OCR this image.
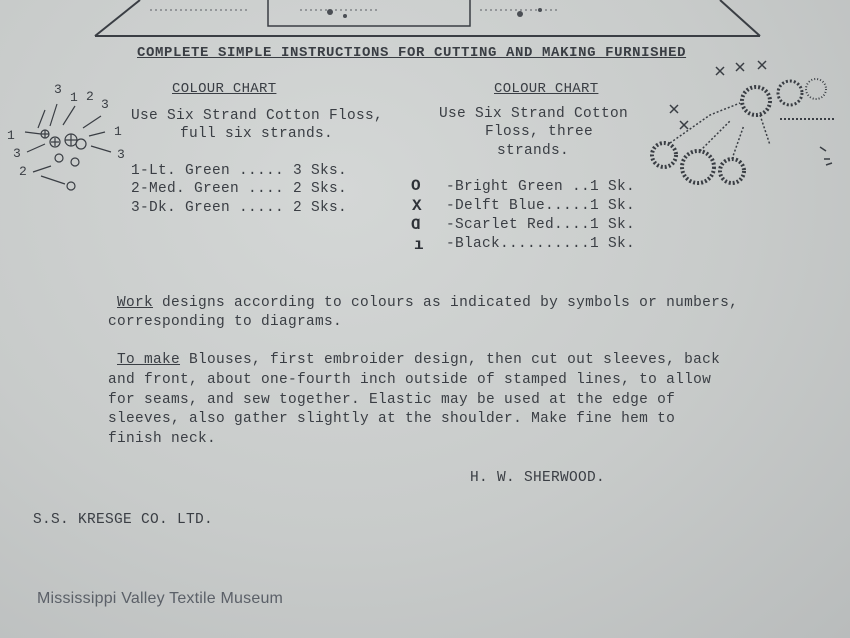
COMPLETE SIMPLE INSTRUCTIONS FOR CUTTING AND MAKING FURNISHED
COLOUR CHART
Use Six Strand Cotton Floss,
full six strands.
1-Lt. Green ..... 3 Sks.
2-Med. Green .... 2 Sks.
3-Dk. Green ..... 2 Sks.
3
1 2
3
1	1
3	3
2
COLOUR CHART
Use Six Strand Cotton
Floss, three
strands.
O
X
Ɑ
ı
-Bright Green ..1 Sk.
-Delft Blue.....1 Sk.
-Scarlet Red....1 Sk.
-Black..........1 Sk.
Work designs according to colours as indicated by symbols or numbers,
corresponding to diagrams.
To make Blouses, first embroider design, then cut out sleeves, back
and front, about one-fourth inch outside of stamped lines, to allow
for seams, and sew together. Elastic may be used at the edge of
sleeves, also gather slightly at the shoulder. Make fine hem to
finish neck.
H. W. SHERWOOD.
S.S. KRESGE CO. LTD.
Mississippi Valley Textile Museum
